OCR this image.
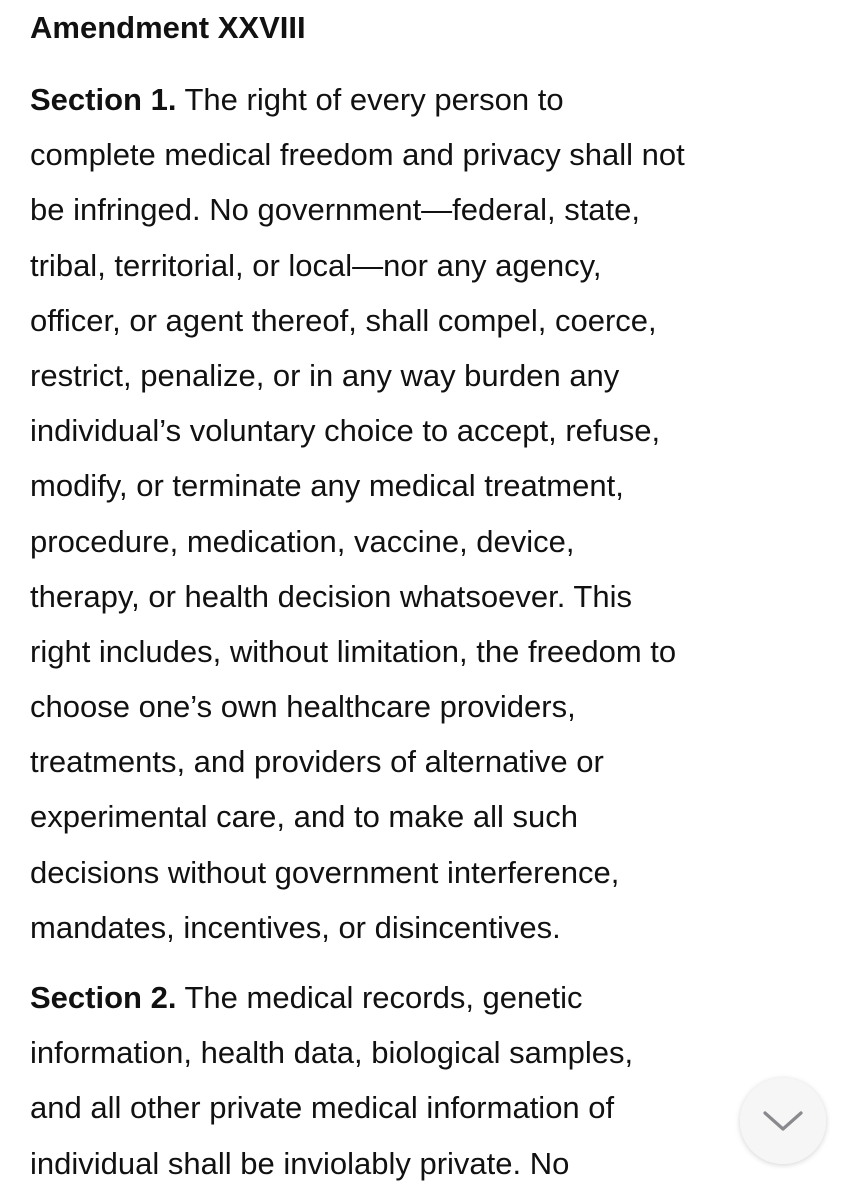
Amendment XXVIII
Section 1. The right of every person to
complete medical freedom and privacy shall not
be infringed. No government—federal, state,
tribal, territorial, or local—nor any agency,
officer, or agent thereof, shall compel, coerce,
restrict, penalize, or in any way burden any
individual’s voluntary choice to accept, refuse,
modify, or terminate any medical treatment,
procedure, medication, vaccine, device,
therapy, or health decision whatsoever. This
right includes, without limitation, the freedom to
choose one’s own healthcare providers,
treatments, and providers of alternative or
experimental care, and to make all such
decisions without government interference,
mandates, incentives, or disincentives.
Section 2. The medical records, genetic
information, health data, biological samples,
and all other private medical information of
individual shall be inviolably private. No
